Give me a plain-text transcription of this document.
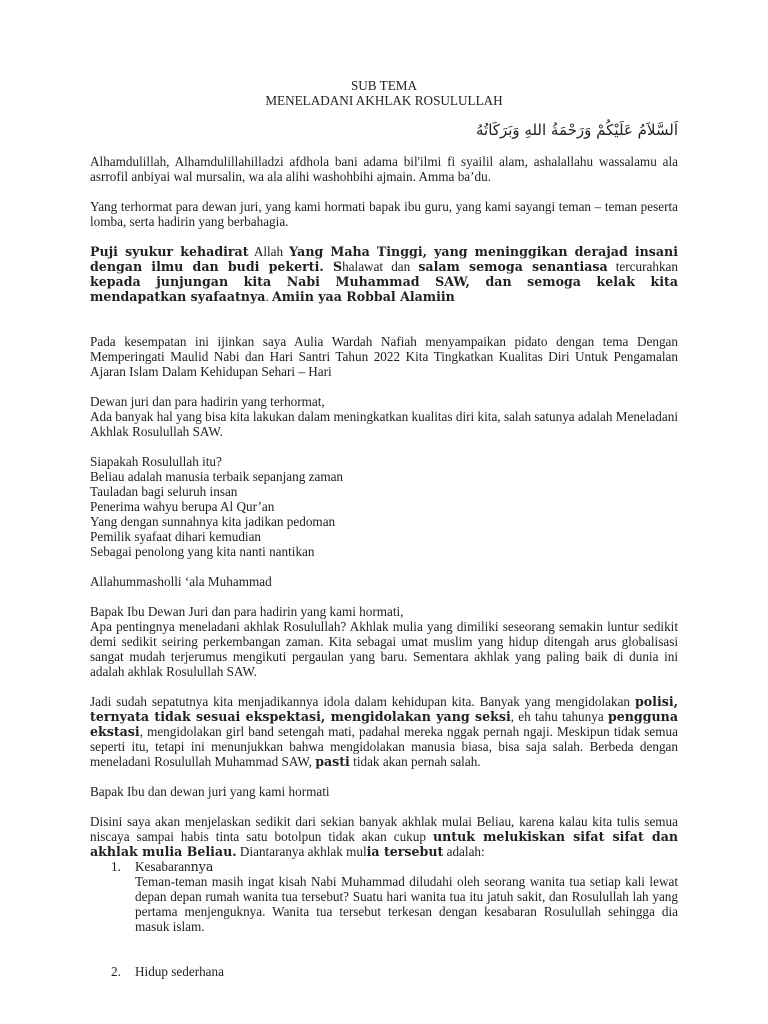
SUB TEMA

MENELADANI AKHLAK ROSULULLAH

اَلسَّلاَمُ عَلَيْكُمْ وَرَحْمَةُ اللهِ وَبَرَكَاتُهُ

Alhamdulillah, Alhamdulillahilladzi afdhola bani adama bil'ilmi fi syailil alam, ashalallahu wassalamu ala asrrofil anbiyai wal mursalin, wa ala alihi washohbihi ajmain. Amma ba’du.

Yang terhormat para dewan juri, yang kami hormati bapak ibu guru, yang kami sayangi teman – teman peserta lomba, serta hadirin yang berbahagia.

Puji syukur kehadirat Allah Yang Maha Tinggi, yang meninggikan derajad insani dengan ilmu dan budi pekerti. Shalawat dan salam semoga senantiasa tercurahkan kepada junjungan kita Nabi Muhammad SAW, dan semoga kelak kita mendapatkan syafaatnya. Amiin yaa Robbal Alamiin

Pada kesempatan ini ijinkan saya Aulia Wardah Nafiah menyampaikan pidato dengan tema Dengan Memperingati Maulid Nabi dan Hari Santri Tahun 2022 Kita Tingkatkan Kualitas Diri Untuk Pengamalan Ajaran Islam Dalam Kehidupan Sehari – Hari

Dewan juri dan para hadirin yang terhormat,

Ada banyak hal yang bisa kita lakukan dalam meningkatkan kualitas diri kita, salah satunya adalah Meneladani Akhlak Rosulullah SAW.

Siapakah Rosulullah itu?

Beliau adalah manusia terbaik sepanjang zaman

Tauladan bagi seluruh insan

Penerima wahyu berupa Al Qur’an

Yang dengan sunnahnya kita jadikan pedoman

Pemilik syafaat dihari kemudian

Sebagai penolong yang kita nanti nantikan

Allahummasholli ‘ala Muhammad

Bapak Ibu Dewan Juri dan para hadirin yang kami hormati,

Apa pentingnya meneladani akhlak Rosulullah? Akhlak mulia yang dimiliki seseorang semakin luntur sedikit demi sedikit seiring perkembangan zaman. Kita sebagai umat muslim yang hidup ditengah arus globalisasi sangat mudah terjerumus mengikuti pergaulan yang baru. Sementara akhlak yang paling baik di dunia ini adalah akhlak Rosulullah SAW.

Jadi sudah sepatutnya kita menjadikannya idola dalam kehidupan kita. Banyak yang mengidolakan polisi, ternyata tidak sesuai ekspektasi, mengidolakan yang seksi, eh tahu tahunya pengguna ekstasi, mengidolakan girl band setengah mati, padahal mereka nggak pernah ngaji. Meskipun tidak semua seperti itu, tetapi ini menunjukkan bahwa mengidolakan manusia biasa, bisa saja salah. Berbeda dengan meneladani Rosulullah Muhammad SAW, pasti tidak akan pernah salah.

Bapak Ibu dan dewan juri yang kami hormati

Disini saya akan menjelaskan sedikit dari sekian banyak akhlak mulai Beliau, karena kalau kita tulis semua niscaya sampai habis tinta satu botolpun tidak akan cukup untuk melukiskan sifat sifat dan akhlak mulia Beliau. Diantaranya akhlak mulia tersebut adalah:

1. Kesabarannya

Teman-teman masih ingat kisah Nabi Muhammad diludahi oleh seorang wanita tua setiap kali lewat depan depan rumah wanita tua tersebut? Suatu hari wanita tua itu jatuh sakit, dan Rosulullah lah yang pertama menjenguknya. Wanita tua tersebut terkesan dengan kesabaran Rosulullah sehingga dia masuk islam.

2. Hidup sederhana
